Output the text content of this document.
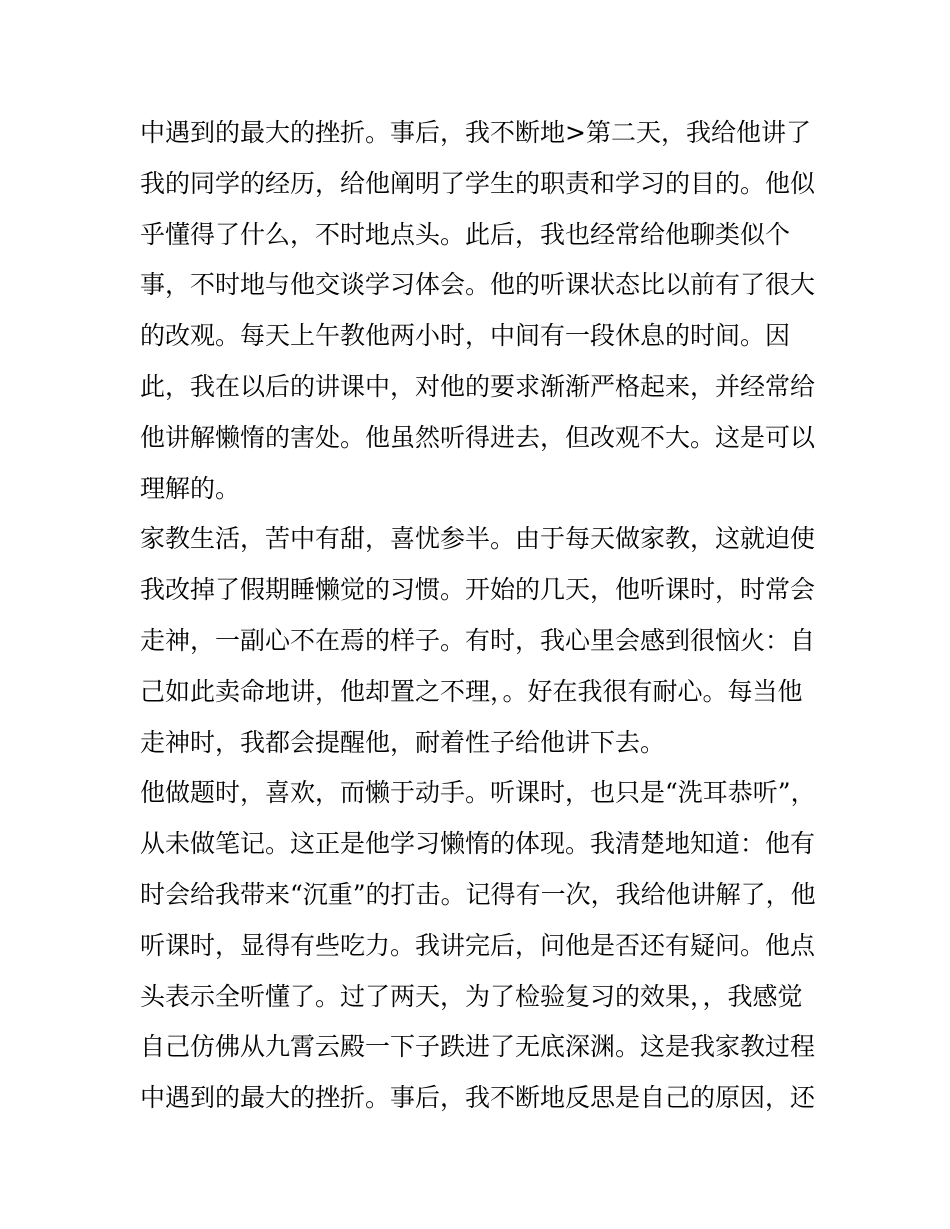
中遇到的最大的挫折。事后，我不断地>第二天，我给他讲了
我的同学的经历，给他阐明了学生的职责和学习的目的。他似
乎懂得了什么，不时地点头。此后，我也经常给他聊类似个
事，不时地与他交谈学习体会。他的听课状态比以前有了很大
的改观。每天上午教他两小时，中间有一段休息的时间。因
此，我在以后的讲课中，对他的要求渐渐严格起来，并经常给
他讲解懒惰的害处。他虽然听得进去，但改观不大。这是可以
理解的。
家教生活，苦中有甜，喜忧参半。由于每天做家教，这就迫使
我改掉了假期睡懒觉的习惯。开始的几天，他听课时，时常会
走神，一副心不在焉的样子。有时，我心里会感到很恼火：自
己如此卖命地讲，他却置之不理，。好在我很有耐心。每当他
走神时，我都会提醒他，耐着性子给他讲下去。
他做题时，喜欢，而懒于动手。听课时，也只是“洗耳恭听”，
从未做笔记。这正是他学习懒惰的体现。我清楚地知道：他有
时会给我带来“沉重”的打击。记得有一次，我给他讲解了，他
听课时，显得有些吃力。我讲完后，问他是否还有疑问。他点
头表示全听懂了。过了两天，为了检验复习的效果，，我感觉
自己仿佛从九霄云殿一下子跌进了无底深渊。这是我家教过程
中遇到的最大的挫折。事后，我不断地反思是自己的原因，还
